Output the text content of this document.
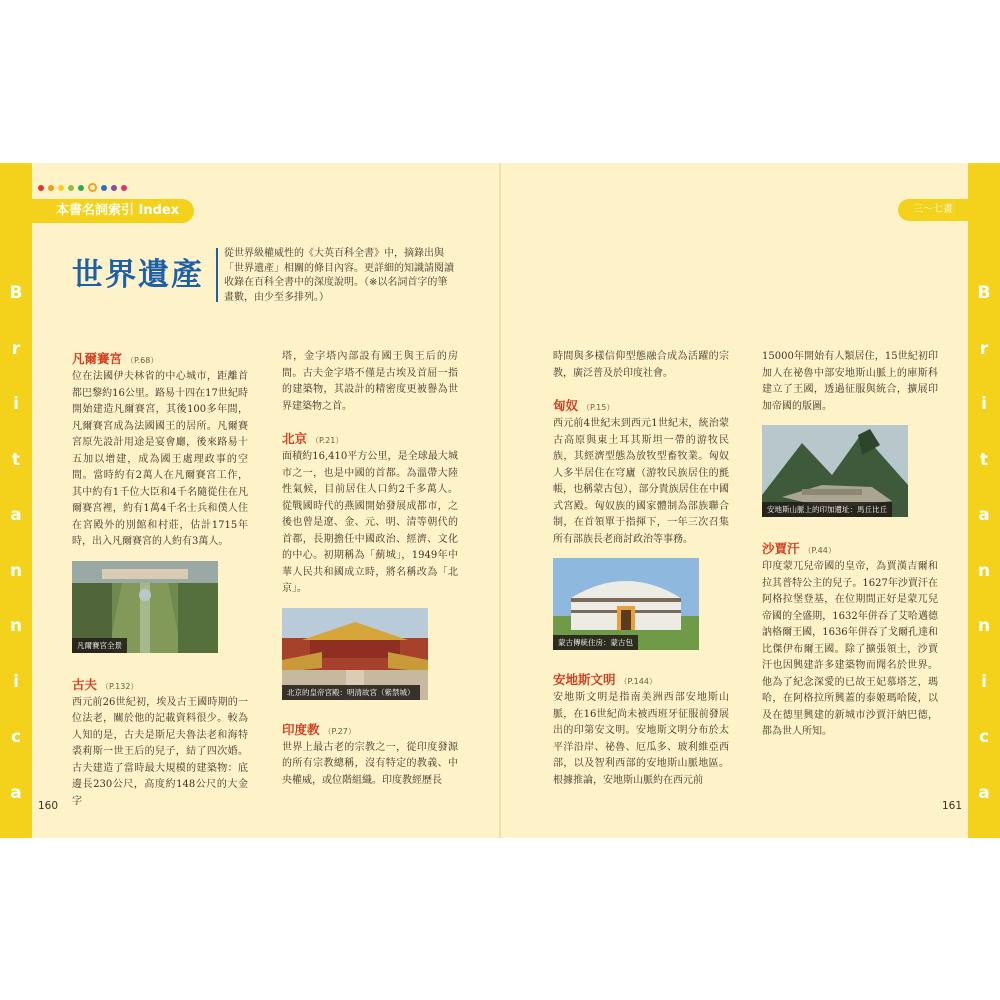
B
r
i
t
a
n
n
i
c
a
B
r
i
t
a
n
n
i
c
a
本書名詞索引 Index	三〜七畫
世界遺產
從世界級權威性的《大英百科全書》中，摘錄出與「世界遺產」相關的條目內容。更詳細的知識請閱讀收錄在百科全書中的深度說明。（※以名詞首字的筆畫數，由少至多排列。）
凡爾賽宮 （P.68）
位在法國伊夫林省的中心城市，距離首都巴黎約16公里。路易十四在17世紀時開始建造凡爾賽宮，其後100多年間，凡爾賽宮成為法國國王的居所。凡爾賽宮原先設計用途是宴會廳，後來路易十五加以增建，成為國王處理政事的空間。當時約有2萬人在凡爾賽宮工作，其中約有1千位大臣和4千名隨從住在凡爾賽宮裡，約有1萬4千名士兵和僕人住在宮殿外的別館和村莊，估計1715年時，出入凡爾賽宮的人約有3萬人。
凡爾賽宮全景
古夫 （P.132）
西元前26世紀初，埃及古王國時期的一位法老，關於他的記載資料很少。較為人知的是，古夫是斯尼夫魯法老和海特裘莉斯一世王后的兒子，結了四次婚。古夫建造了當時最大規模的建築物：底邊長230公尺，高度約148公尺的大金字
塔，金字塔內部設有國王與王后的房間。古夫金字塔不僅是古埃及首屈一指的建築物，其設計的精密度更被譽為世界建築物之首。
北京 （P.21）
面積約16,410平方公里，是全球最大城市之一，也是中國的首都。為溫帶大陸性氣候，目前居住人口約2千多萬人。從戰國時代的燕國開始發展成都市，之後也曾是遼、金、元、明、清等朝代的首都，長期擔任中國政治、經濟、文化的中心。初期稱為「薊城」，1949年中華人民共和國成立時，將名稱改為「北京」。
北京的皇帝宮殿：明清故宮（紫禁城）
印度教 （P.27）
世界上最古老的宗教之一，從印度發源的所有宗教總稱，沒有特定的教義、中央權威，或位階組織。印度教經歷長
時間與多樣信仰型態融合成為活躍的宗教，廣泛普及於印度社會。
匈奴 （P.15）
西元前4世紀末到西元1世紀末，統治蒙古高原與東土耳其斯坦一帶的游牧民族，其經濟型態為放牧型畜牧業。匈奴人多半居住在穹廬（游牧民族居住的氈帳，也稱蒙古包），部分貴族居住在中國式宮殿。匈奴族的國家體制為部族聯合制，在首領單于指揮下，一年三次召集所有部族長老商討政治等事務。
蒙古傳統住房：蒙古包
安地斯文明 （P.144）
安地斯文明是指南美洲西部安地斯山脈，在16世紀尚未被西班牙征服前發展出的印第安文明。安地斯文明分布於太平洋沿岸、祕魯、厄瓜多、玻利維亞西部，以及智利西部的安地斯山脈地區。根據推論，安地斯山脈約在西元前
15000年開始有人類居住，15世紀初印加人在祕魯中部安地斯山脈上的庫斯科建立了王國，透過征服與統合，擴展印加帝國的版圖。
安地斯山脈上的印加遺址：馬丘比丘
沙賈汗 （P.44）
印度蒙兀兒帝國的皇帝，為賈漢吉爾和拉其普特公主的兒子。1627年沙賈汗在阿格拉堡登基，在位期間正好是蒙兀兒帝國的全盛期，1632年併吞了艾哈邁德訥格爾王國，1636年併吞了戈爾孔達和比傑伊布爾王國。除了擴張領土，沙賈汗也因興建許多建築物而聞名於世界。他為了紀念深愛的已故王妃慕塔芝，瑪哈，在阿格拉所興蓋的泰姬瑪哈陵，以及在德里興建的新城市沙賈汗納巴德，都為世人所知。
160	161
